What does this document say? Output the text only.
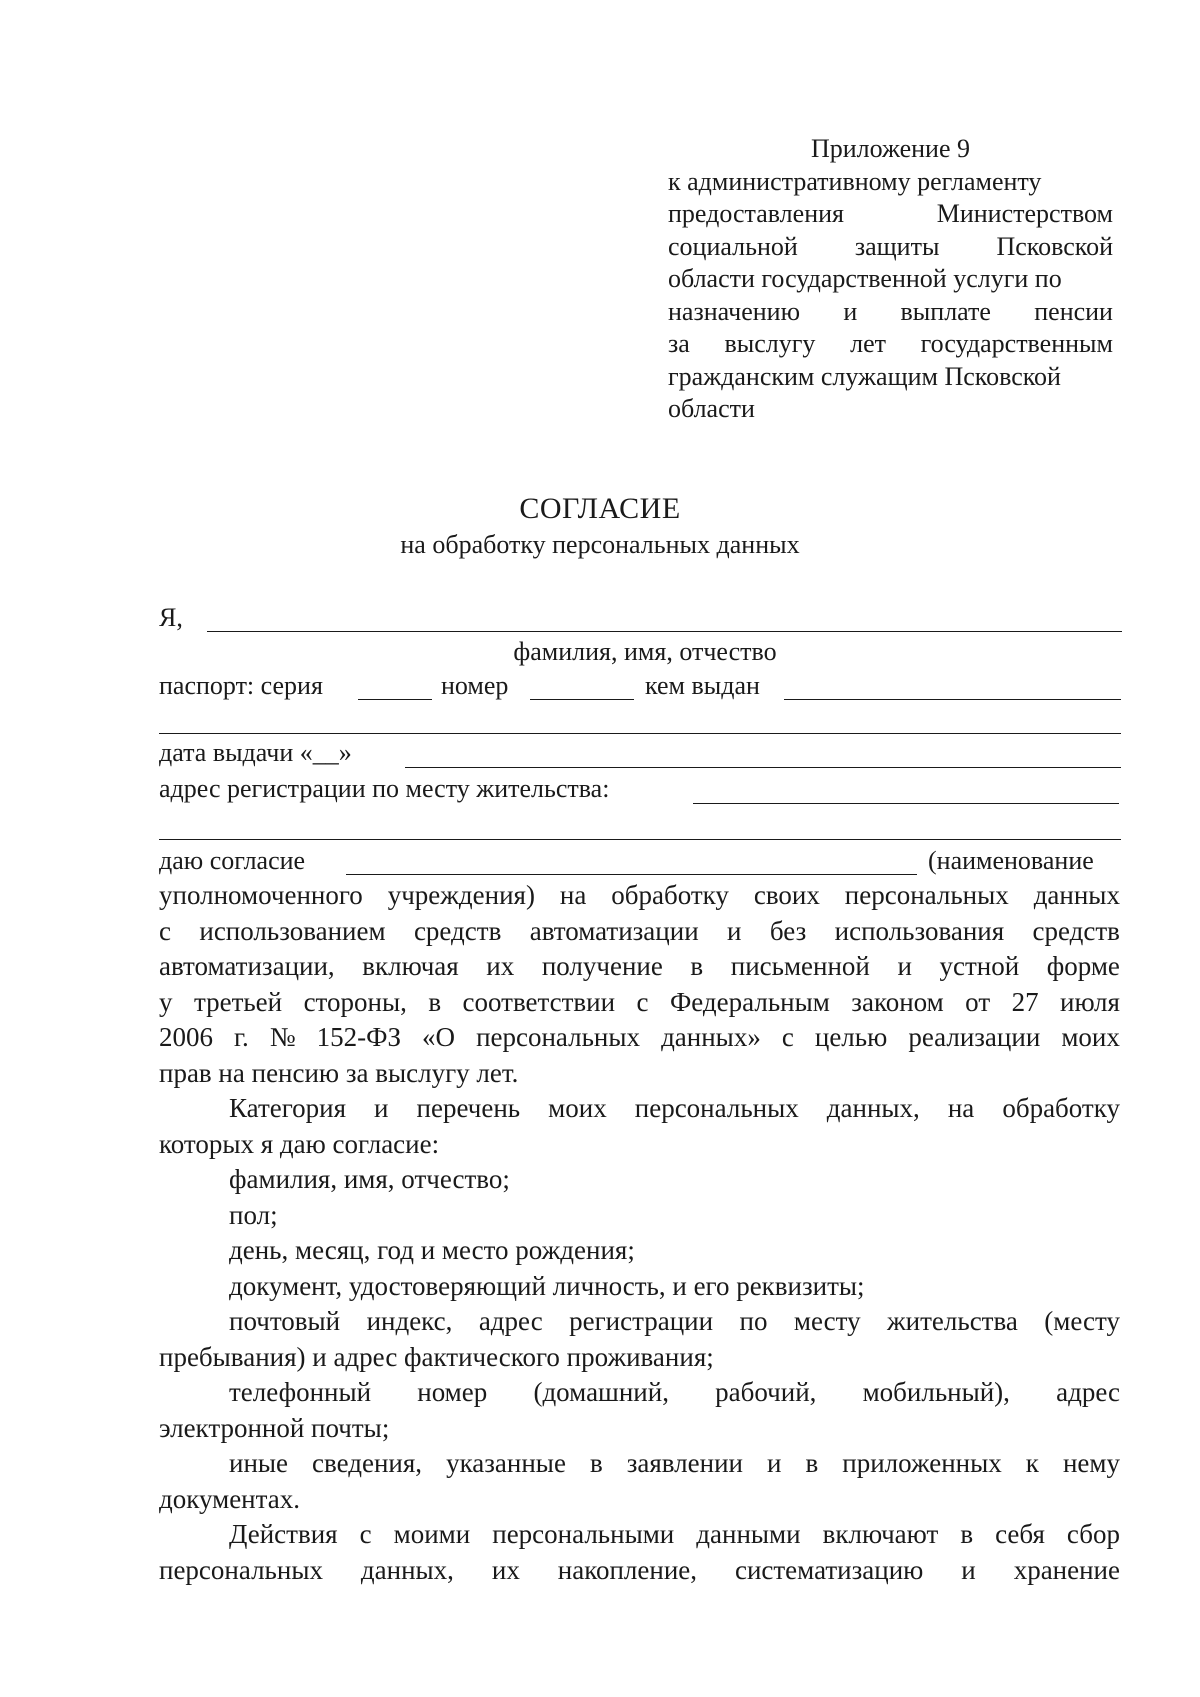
Приложение 9
к административному регламенту
предоставления	Министерством
социальной защиты Псковской
области государственной услуги по
назначению и выплате пенсии
за выслугу лет государственным
гражданским служащим Псковской
области
СОГЛАСИЕ
на обработку персональных данных
Я,
фамилия, имя, отчество
паспорт: серия	номер	кем выдан
дата выдачи «__»
адрес регистрации по месту жительства:
даю согласие	(наименование
уполномоченного учреждения) на обработку своих персональных данных
с использованием средств автоматизации и без использования средств
автоматизации, включая их получение в письменной и устной форме
у третьей стороны, в соответствии с Федеральным законом от 27 июля
2006 г. № 152-ФЗ «О персональных данных» с целью реализации моих
прав на пенсию за выслугу лет.
Категория и перечень моих персональных данных, на обработку
которых я даю согласие:
фамилия, имя, отчество;
пол;
день, месяц, год и место рождения;
документ, удостоверяющий личность, и его реквизиты;
почтовый индекс, адрес регистрации по месту жительства (месту
пребывания) и адрес фактического проживания;
телефонный номер (домашний, рабочий, мобильный), адрес
электронной почты;
иные сведения, указанные в заявлении и в приложенных к нему
документах.
Действия с моими персональными данными включают в себя сбор
персональных данных, их накопление, систематизацию и хранение
